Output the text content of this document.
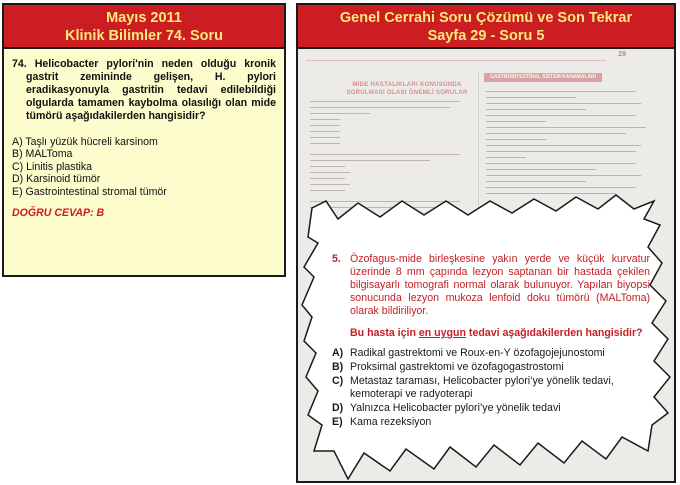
Mayıs 2011
Klinik Bilimler 74. Soru

74. Helicobacter pylori'nin neden olduğu kronik gastrit zemininde gelişen, H. pylori eradikasyonuyla gastritin tedavi edilebildiği olgularda tamamen kaybolma olasılığı olan mide tümörü aşağıdakilerden hangisidir?

A) Taşlı yüzük hücreli karsinom
B) MALToma
C) Linitis plastika
D) Karsinoid tümör
E) Gastrointestinal stromal tümör

DOĞRU CEVAP: B

Genel Cerrahi Soru Çözümü ve Son Tekrar
Sayfa 29 - Soru 5
29
MİDE HASTALIKLARI KONUSUNDA SORULMASI OLASI ÖNEMLİ SORULAR
GASTROİNTESTİNAL SİSTEM KANAMALARI
5. Özofagus-mide birleşkesine yakın yerde ve küçük kurvatur üzerinde 8 mm çapında lezyon saptanan bir hastada çekilen bilgisayarlı tomografi normal olarak bulunuyor. Yapılan biyopsi sonucunda lezyon mukoza lenfoid doku tümörü (MALToma) olarak bildiriliyor.

Bu hasta için en uygun tedavi aşağıdakilerden hangisidir?

A) Radikal gastrektomi ve Roux-en-Y özofagojejunostomi
B) Proksimal gastrektomi ve özofagogastrostomi
C) Metastaz taraması, Helicobacter pylori’ye yönelik tedavi, kemoterapi ve radyoterapi
D) Yalnızca Helicobacter pylori’ye yönelik tedavi
E) Kama rezeksiyon
